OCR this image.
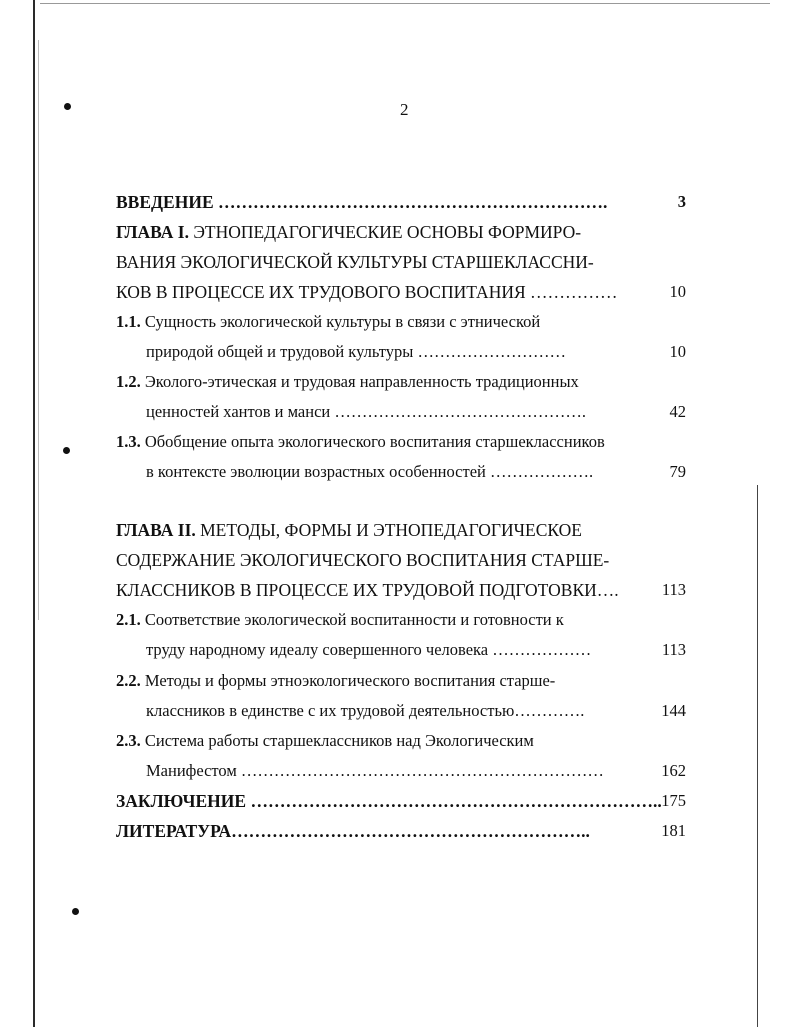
2
ВВЕДЕНИЕ ………………………………………………………….	3
ГЛАВА I. ЭТНОПЕДАГОГИЧЕСКИЕ ОСНОВЫ ФОРМИРО-
ВАНИЯ ЭКОЛОГИЧЕСКОЙ КУЛЬТУРЫ СТАРШЕКЛАССНИ-
КОВ В ПРОЦЕССЕ ИХ ТРУДОВОГО ВОСПИТАНИЯ ……………	10
1.1. Сущность экологической культуры в связи с этнической
природой общей и трудовой культуры ………………………	10
1.2. Эколого-этическая и трудовая направленность традиционных
ценностей хантов и манси ……………………………………….	42
1.3. Обобщение опыта экологического воспитания старшеклассников
в контексте эволюции возрастных особенностей ……………….	79
ГЛАВА II. МЕТОДЫ, ФОРМЫ И ЭТНОПЕДАГОГИЧЕСКОЕ
СОДЕРЖАНИЕ ЭКОЛОГИЧЕСКОГО ВОСПИТАНИЯ СТАРШЕ-
КЛАССНИКОВ В ПРОЦЕССЕ ИХ ТРУДОВОЙ ПОДГОТОВКИ….	113
2.1. Соответствие экологической воспитанности и готовности к
труду народному идеалу совершенного человека ………………	113
2.2. Методы и формы этноэкологического воспитания старше-
классников в единстве с их трудовой деятельностью………….	144
2.3. Система работы старшеклассников над Экологическим
Манифестом …………………………………………………………	162
ЗАКЛЮЧЕНИЕ …………………………………………………………….. 175
ЛИТЕРАТУРА……………………………………………………..	181
